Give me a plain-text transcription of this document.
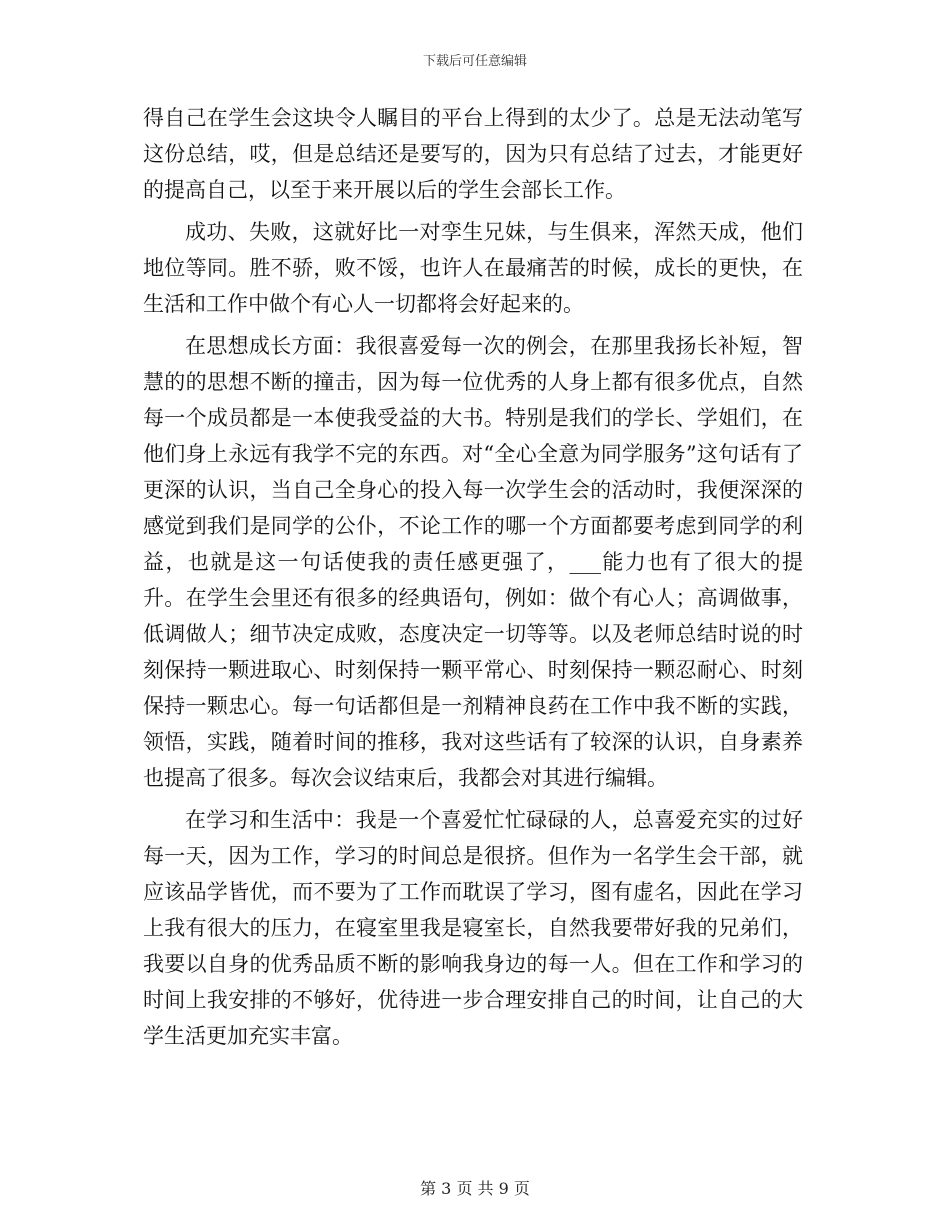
下载后可任意编辑

得自己在学生会这块令人瞩目的平台上得到的太少了。总是无法动笔写这份总结，哎，但是总结还是要写的，因为只有总结了过去，才能更好的提高自己，以至于来开展以后的学生会部长工作。

成功、失败，这就好比一对孪生兄妹，与生俱来，浑然天成，他们地位等同。胜不骄，败不馁，也许人在最痛苦的时候，成长的更快，在生活和工作中做个有心人一切都将会好起来的。

在思想成长方面：我很喜爱每一次的例会，在那里我扬长补短，智慧的的思想不断的撞击，因为每一位优秀的人身上都有很多优点，自然每一个成员都是一本使我受益的大书。特别是我们的学长、学姐们，在他们身上永远有我学不完的东西。对“全心全意为同学服务”这句话有了更深的认识，当自己全身心的投入每一次学生会的活动时，我便深深的感觉到我们是同学的公仆，不论工作的哪一个方面都要考虑到同学的利益，也就是这一句话使我的责任感更强了，___能力也有了很大的提升。在学生会里还有很多的经典语句，例如：做个有心人；高调做事，低调做人；细节决定成败，态度决定一切等等。以及老师总结时说的时刻保持一颗进取心、时刻保持一颗平常心、时刻保持一颗忍耐心、时刻保持一颗忠心。每一句话都但是一剂精神良药在工作中我不断的实践，领悟，实践，随着时间的推移，我对这些话有了较深的认识，自身素养也提高了很多。每次会议结束后，我都会对其进行编辑。

在学习和生活中：我是一个喜爱忙忙碌碌的人，总喜爱充实的过好每一天，因为工作，学习的时间总是很挤。但作为一名学生会干部，就应该品学皆优，而不要为了工作而耽误了学习，图有虚名，因此在学习上我有很大的压力，在寝室里我是寝室长，自然我要带好我的兄弟们，我要以自身的优秀品质不断的影响我身边的每一人。但在工作和学习的时间上我安排的不够好，优待进一步合理安排自己的时间，让自己的大学生活更加充实丰富。

第 3 页 共 9 页
